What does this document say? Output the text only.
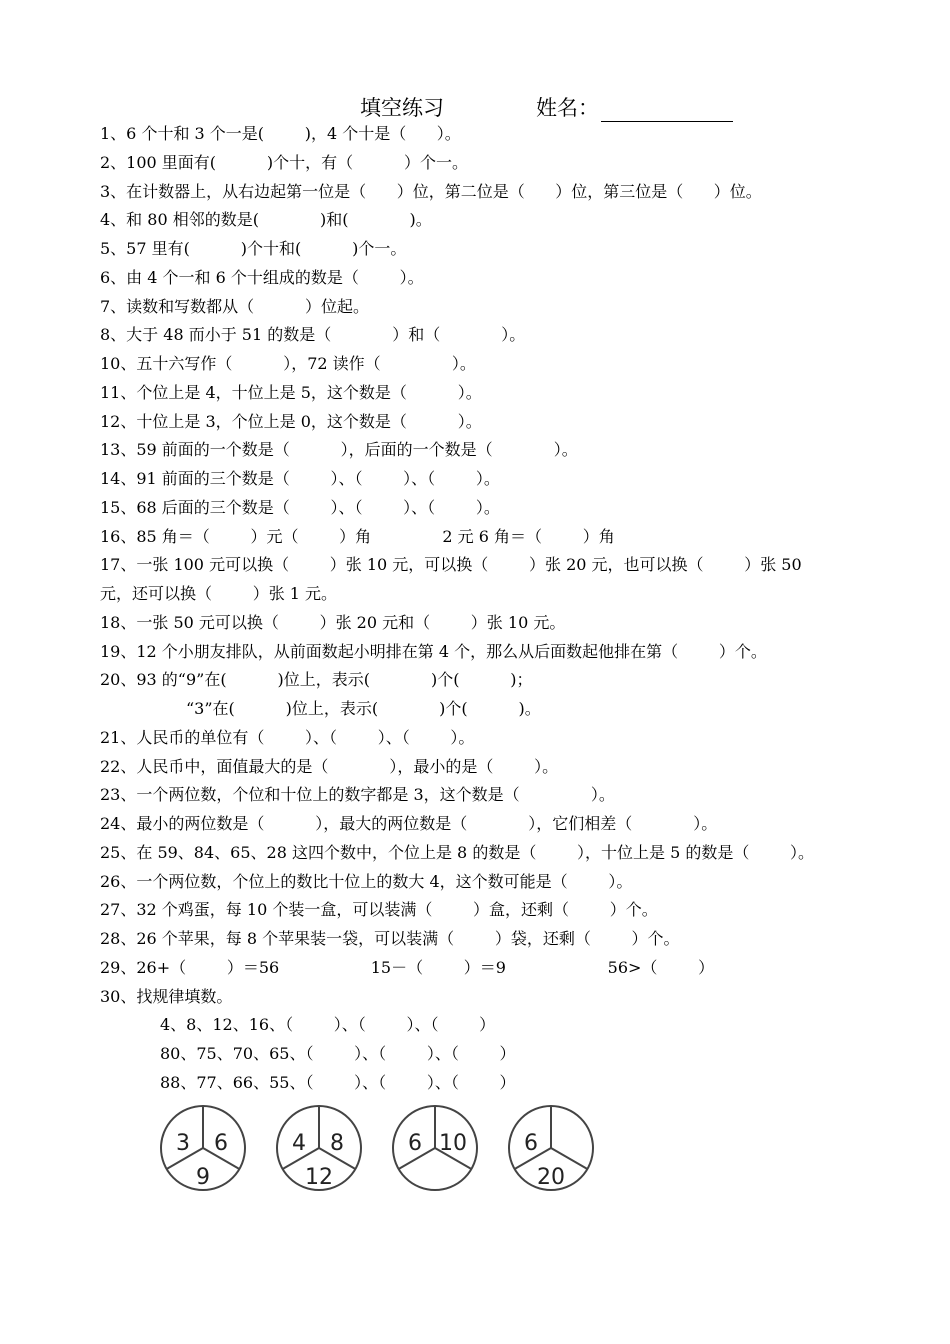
填空练习	姓名：
1、6 个十和 3 个一是(        )，4 个十是（      ）。
2、100 里面有(          )个十，有（          ）个一。
3、在计数器上，从右边起第一位是（      ）位，第二位是（      ）位，第三位是（      ）位。
4、和 80 相邻的数是(            )和(            )。
5、57 里有(          )个十和(          )个一。
6、由 4 个一和 6 个十组成的数是（        ）。
7、读数和写数都从（          ）位起。
8、大于 48 而小于 51 的数是（            ）和（            ）。
10、五十六写作（          ），72 读作（              ）。
11、个位上是 4，十位上是 5，这个数是（          ）。
12、十位上是 3，个位上是 0，这个数是（          ）。
13、59 前面的一个数是（          ），后面的一个数是（            ）。
14、91 前面的三个数是（        ）、（        ）、（        ）。
15、68 后面的三个数是（        ）、（        ）、（        ）。
16、85 角＝（        ）元（        ）角              2 元 6 角＝（        ）角
17、一张 100 元可以换（        ）张 10 元，可以换（        ）张 20 元，也可以换（        ）张 50
元，还可以换（        ）张 1 元。
18、一张 50 元可以换（        ）张 20 元和（        ）张 10 元。
19、12 个小朋友排队，从前面数起小明排在第 4 个，那么从后面数起他排在第（        ）个。
20、93 的“9”在(          )位上，表示(            )个(          )；
“3”在(          )位上，表示(            )个(          )。
21、人民币的单位有（        ）、（        ）、（        ）。
22、人民币中，面值最大的是（            ），最小的是（        ）。
23、一个两位数，个位和十位上的数字都是 3，这个数是（              ）。
24、最小的两位数是（          ），最大的两位数是（            ），它们相差（            ）。
25、在 59、84、65、28 这四个数中，个位上是 8 的数是（        ），十位上是 5 的数是（        ）。
26、一个两位数，个位上的数比十位上的数大 4，这个数可能是（        ）。
27、32 个鸡蛋，每 10 个装一盒，可以装满（        ）盒，还剩（        ）个。
28、26 个苹果，每 8 个苹果装一袋，可以装满（        ）袋，还剩（        ）个。
29、26+（        ）＝56                  15－（        ）＝9                    56>（        ）
30、找规律填数。
4、8、12、16、（        ）、（        ）、（        ）
80、75、70、65、（        ）、（        ）、（        ）
88、77、66、55、（        ）、（        ）、（        ）
3 6
9
4 8
12
6 10	6
20
